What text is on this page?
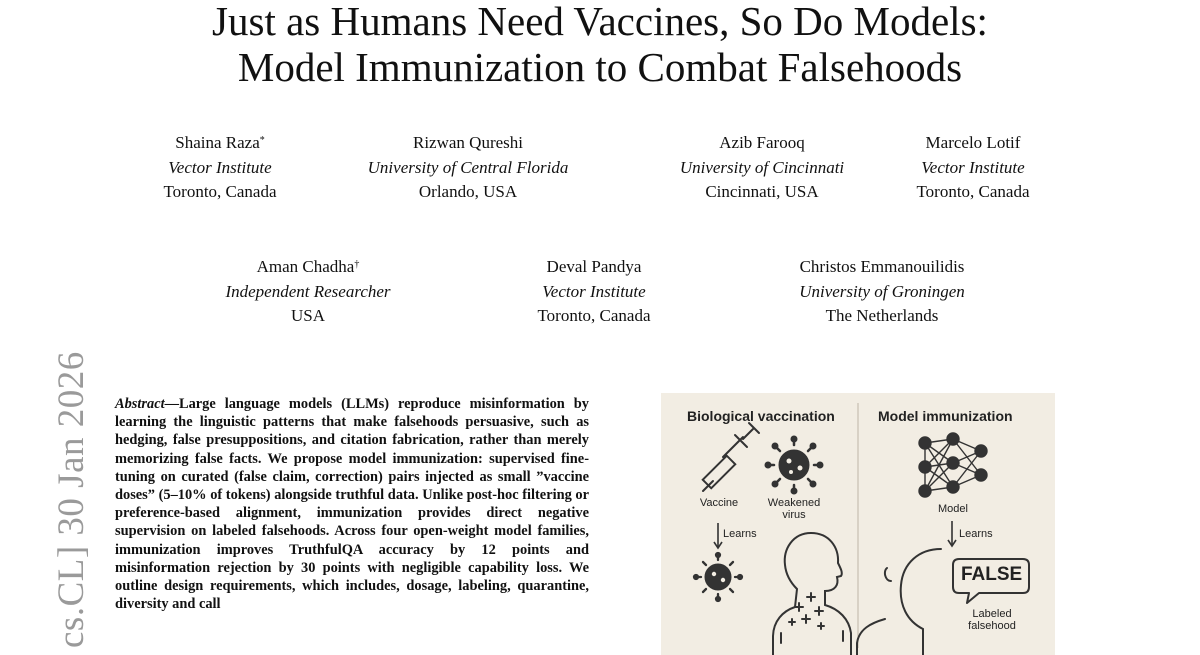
Just as Humans Need Vaccines, So Do Models:
Model Immunization to Combat Falsehoods
Shaina Raza*
Vector Institute
Toronto, Canada
Rizwan Qureshi
University of Central Florida
Orlando, USA
Azib Farooq
University of Cincinnati
Cincinnati, USA
Marcelo Lotif
Vector Institute
Toronto, Canada
Aman Chadha†
Independent Researcher
USA
Deval Pandya
Vector Institute
Toronto, Canada
Christos Emmanouilidis
University of Groningen
The Netherlands
cs.CL] 30 Jan 2026 Abstract—Large language models (LLMs) reproduce misinformation by learning the linguistic patterns that make falsehoods persuasive, such as hedging, false presuppositions, and citation fabrication, rather than merely memorizing false facts. We propose model immunization: supervised fine-tuning on curated (false claim, correction) pairs injected as small ”vaccine doses” (5–10% of tokens) alongside truthful data. Unlike post-hoc filtering or preference-based alignment, immunization provides direct negative supervision on labeled falsehoods. Across four open-weight model families, immunization improves TruthfulQA accuracy by 12 points and misinformation rejection by 30 points with negligible capability loss. We outline design requirements, which includes, dosage, labeling, quarantine, diversity and call
Biological vaccination	Model immunization
Vaccine	Weakened
virus
Learns
Model
Learns
FALSE
Labeled
falsehood
